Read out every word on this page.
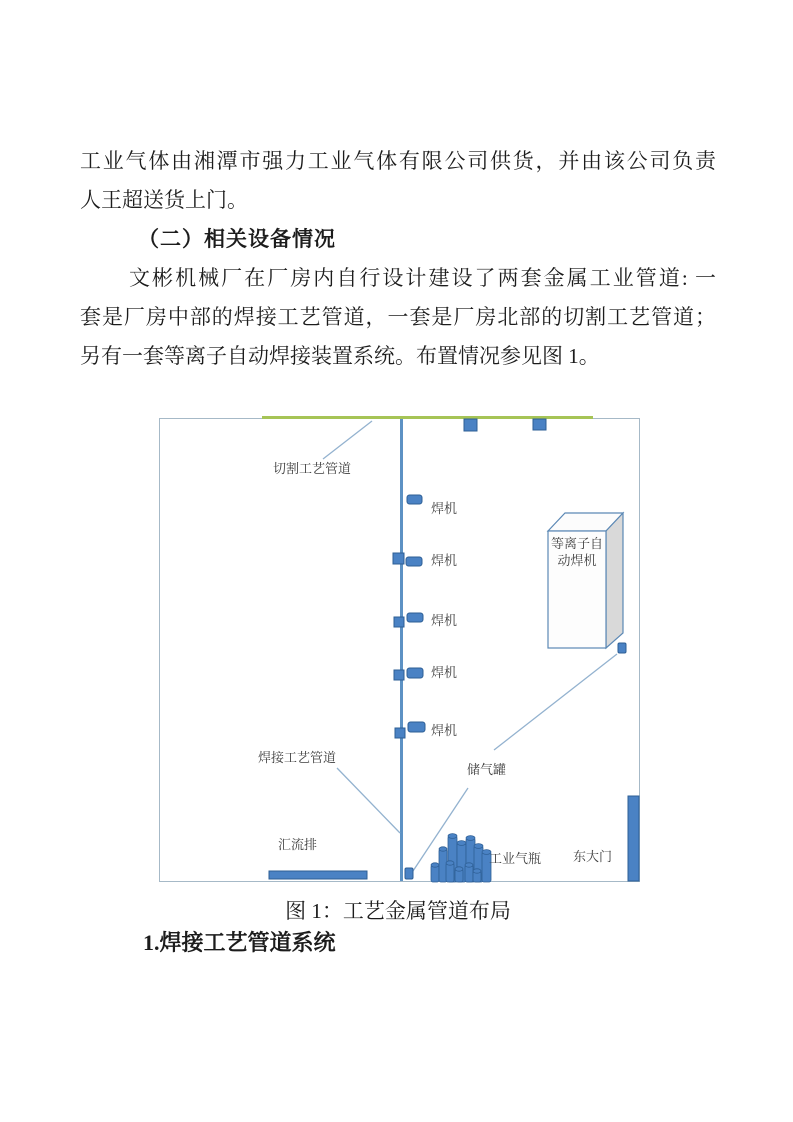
工业气体由湘潭市强力工业气体有限公司供货，并由该公司负责
人王超送货上门。
（二）相关设备情况
文彬机械厂在厂房内自行设计建设了两套金属工业管道: 一
套是厂房中部的焊接工艺管道，一套是厂房北部的切割工艺管道；
另有一套等离子自动焊接装置系统。布置情况参见图 1。
切割工艺管道
焊机
焊机
焊机
焊机
焊机
等离子自动焊机
焊接工艺管道
储气罐
汇流排
工业气瓶 东大门
图 1：工艺金属管道布局
1.焊接工艺管道系统
